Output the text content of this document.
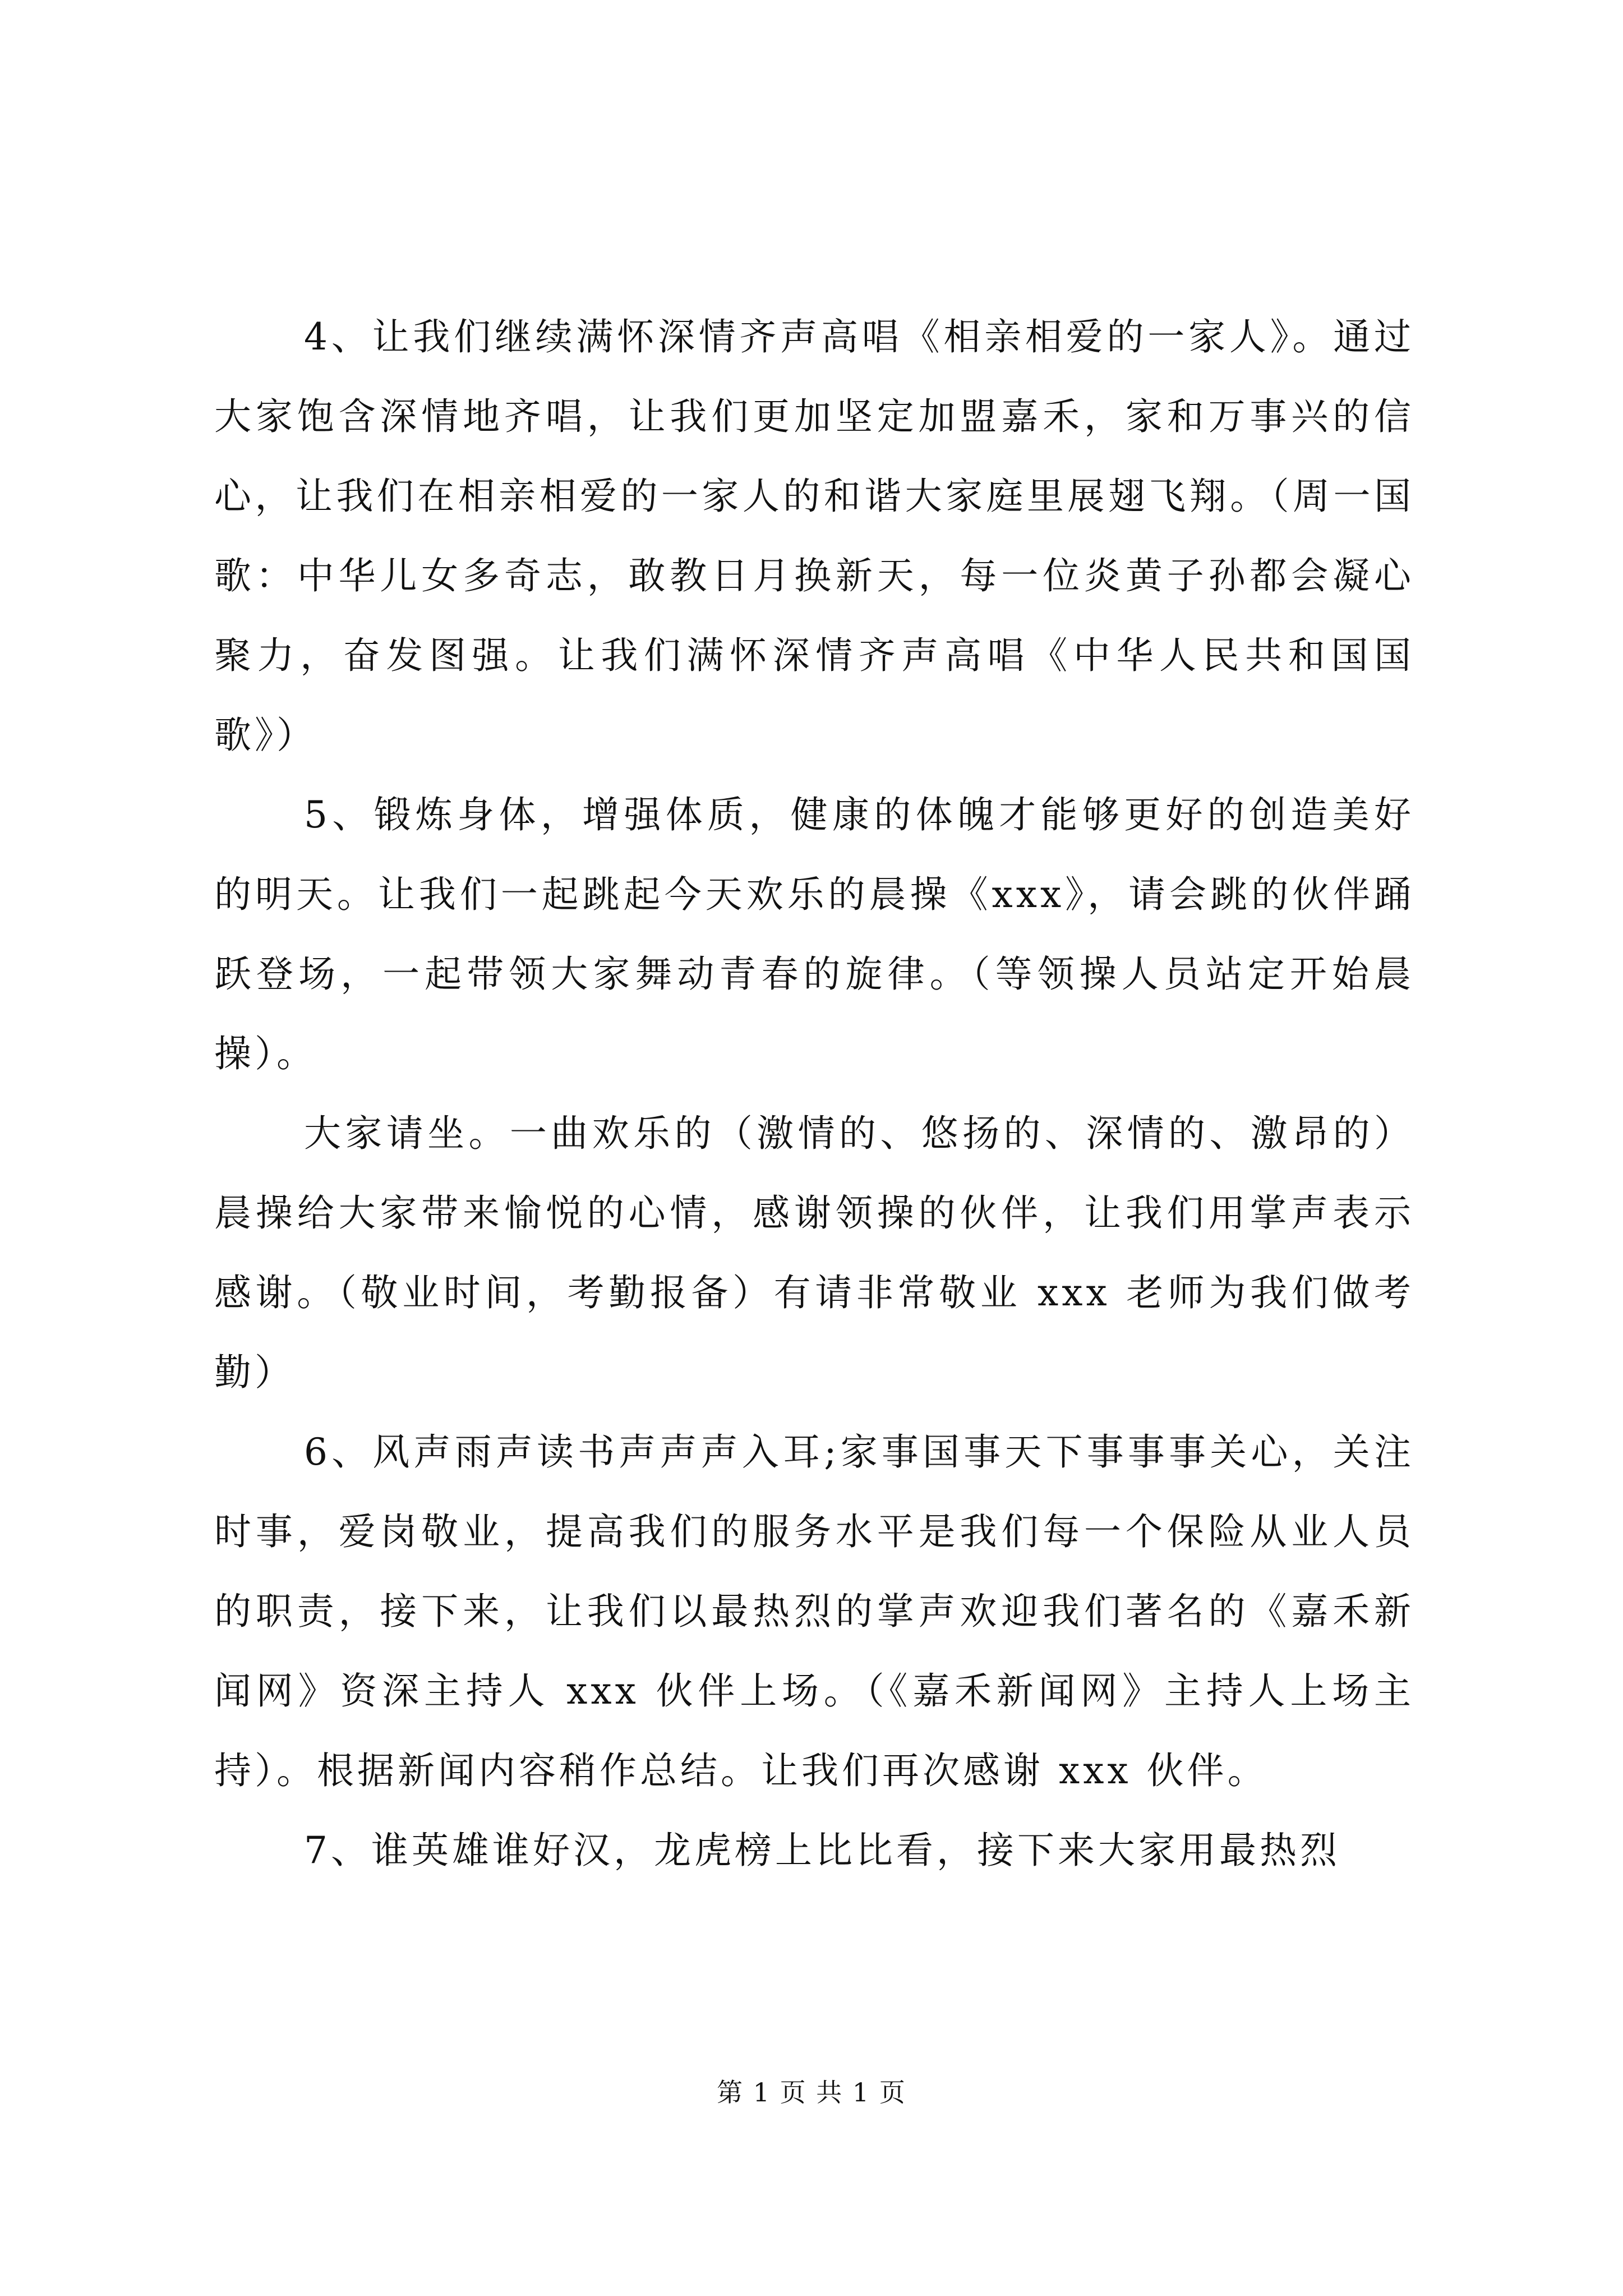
4、让我们继续满怀深情齐声高唱《相亲相爱的一家人》。通过大家饱含深情地齐唱，让我们更加坚定加盟嘉禾，家和万事兴的信心，让我们在相亲相爱的一家人的和谐大家庭里展翅飞翔。（周一国歌：中华儿女多奇志，敢教日月换新天，每一位炎黄子孙都会凝心聚力，奋发图强。让我们满怀深情齐声高唱《中华人民共和国国歌》）

5、锻炼身体，增强体质，健康的体魄才能够更好的创造美好的明天。让我们一起跳起今天欢乐的晨操《xxx》，请会跳的伙伴踊跃登场，一起带领大家舞动青春的旋律。（等领操人员站定开始晨操）。

大家请坐。一曲欢乐的（激情的、悠扬的、深情的、激昂的）晨操给大家带来愉悦的心情，感谢领操的伙伴，让我们用掌声表示感谢。（敬业时间，考勤报备）有请非常敬业 xxx 老师为我们做考勤）

6、风声雨声读书声声声入耳;家事国事天下事事事关心，关注时事，爱岗敬业，提高我们的服务水平是我们每一个保险从业人员的职责，接下来，让我们以最热烈的掌声欢迎我们著名的《嘉禾新闻网》资深主持人 xxx 伙伴上场。（《嘉禾新闻网》主持人上场主持）。根据新闻内容稍作总结。让我们再次感谢 xxx 伙伴。

7、谁英雄谁好汉，龙虎榜上比比看，接下来大家用最热烈

第 1 页 共 1 页
